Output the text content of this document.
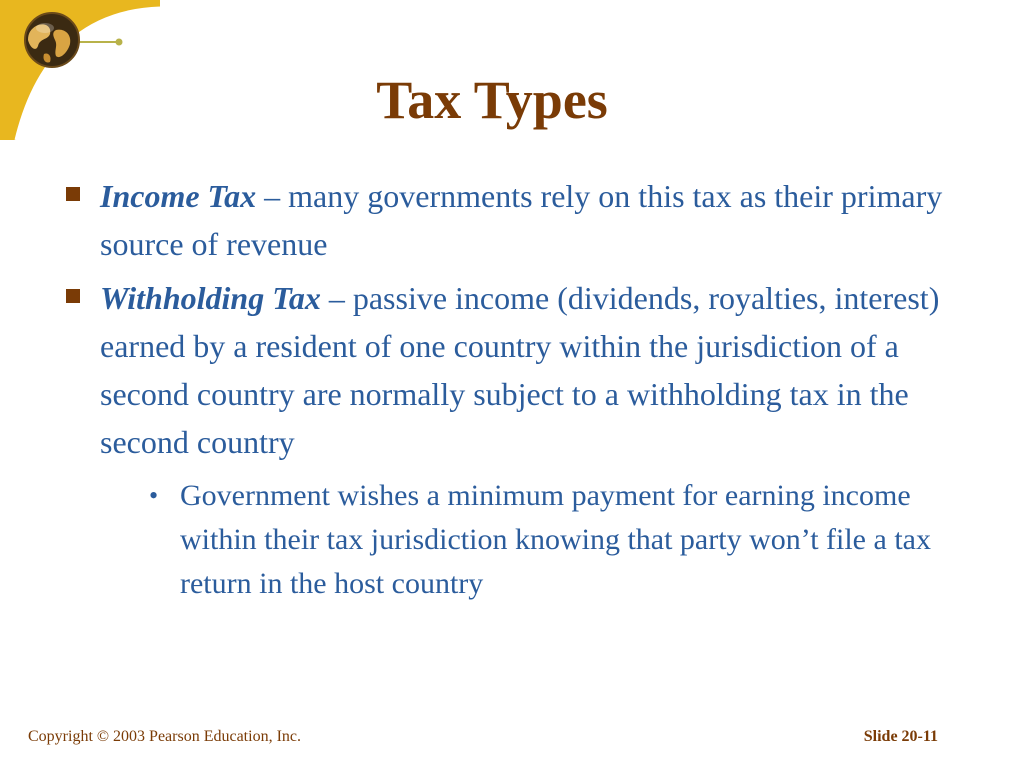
Tax Types
Income Tax – many governments rely on this tax as their primary source of revenue
Withholding Tax – passive income (dividends, royalties, interest) earned by a resident of one country within the jurisdiction of a second country are normally subject to a withholding tax in the second country
• Government wishes a minimum payment for earning income within their tax jurisdiction knowing that party won’t file a tax return in the host country
Copyright © 2003 Pearson Education, Inc.	Slide 20-11
